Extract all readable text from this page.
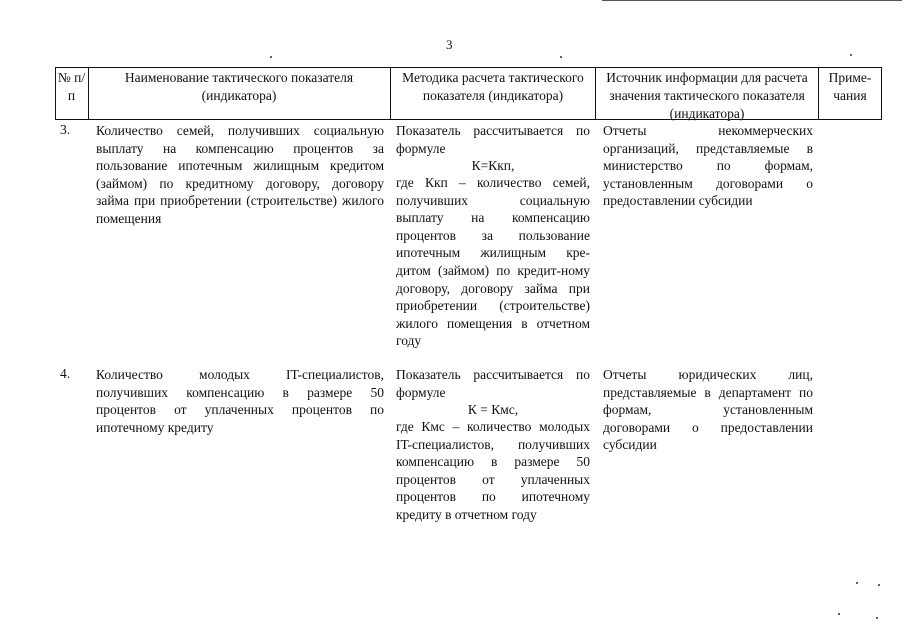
3
№ п/п
Наименование тактического показателя (индикатора)
Методика расчета тактического показателя (индикатора)
Источник информации для расчета значения тактического показателя (индикатора)
Приме-чания
3. Количество семей, получивших социальную выплату на компенсацию процентов за пользование ипотечным жилищным кредитом (займом) по кредитному договору, договору займа при приобретении (строительстве) жилого помещения
Показатель рассчитывается по формуле
К=Ккп,
где Ккп – количество семей, получивших социальную выплату на компенсацию процентов за пользование ипотечным жилищным кре-дитом (займом) по кредит-ному договору, договору займа при приобретении (строительстве) жилого помещения в отчетном году
Отчеты некоммерческих организаций, представляемые в министерство по формам, установленным договорами о предоставлении субсидии
4. Количество молодых IT-специалистов, получивших компенсацию в размере 50 процентов от уплаченных процентов по ипотечному кредиту
Показатель рассчитывается по формуле
К = Кмс,
где Кмс – количество молодых IT-специалистов, получивших компенсацию в размере 50 процентов от уплаченных процентов по ипотечному кредиту в отчетном году
Отчеты юридических лиц, представляемые в департамент по формам, установленным договорами о предоставлении субсидии
